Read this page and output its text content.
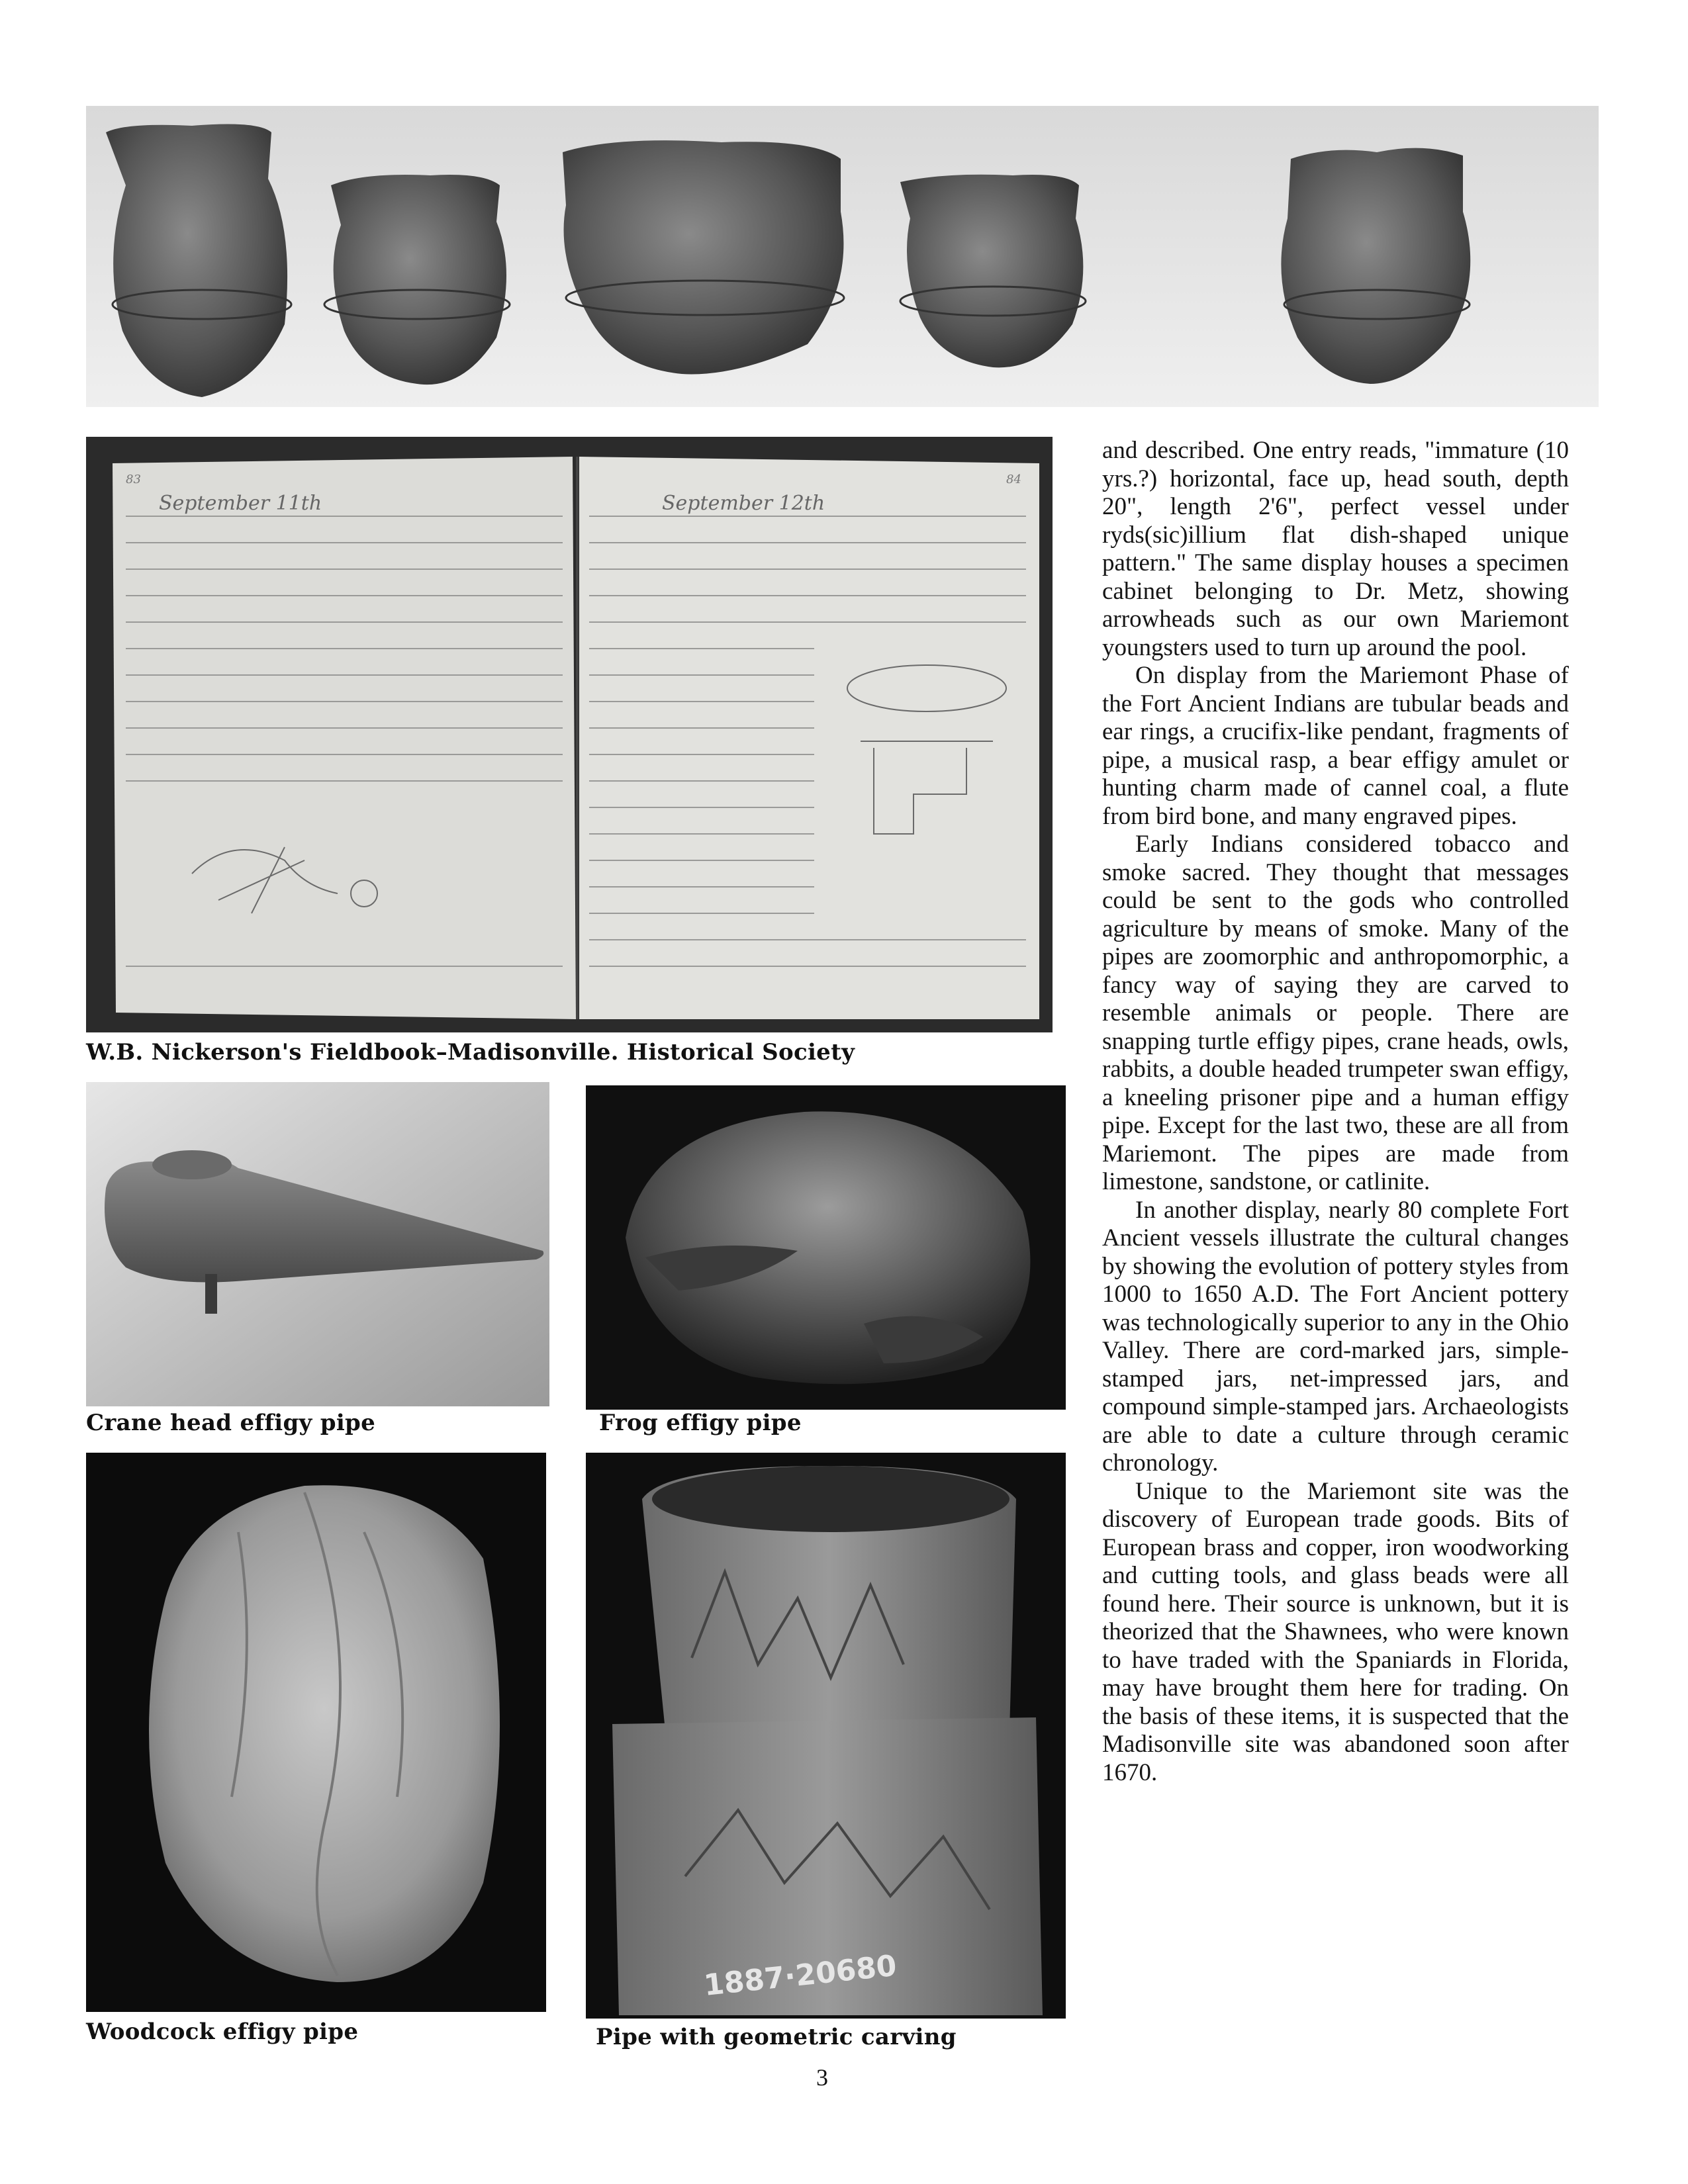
83	84
September 11th	September 12th
W.B. Nickerson's Fieldbook–Madisonville. Historical Society
Crane head effigy pipe	Frog effigy pipe
Woodcock effigy pipe
1887·20680
Pipe with geometric carving

and described. One entry reads, "immature (10 yrs.?) horizontal, face up, head south, depth 20", length 2'6", perfect vessel under ryds(sic)illium flat dish-shaped unique pattern." The same display houses a specimen cabinet belonging to Dr. Metz, showing arrowheads such as our own Mariemont youngsters used to turn up around the pool.

On display from the Mariemont Phase of the Fort Ancient Indians are tubular beads and ear rings, a crucifix-like pendant, fragments of pipe, a musical rasp, a bear effigy amulet or hunting charm made of cannel coal, a flute from bird bone, and many engraved pipes.

Early Indians considered tobacco and smoke sacred. They thought that messages could be sent to the gods who controlled agriculture by means of smoke. Many of the pipes are zoomorphic and anthropomorphic, a fancy way of saying they are carved to resemble animals or people. There are snapping turtle effigy pipes, crane heads, owls, rabbits, a double headed trumpeter swan effigy, a kneeling prisoner pipe and a human effigy pipe. Except for the last two, these are all from Mariemont. The pipes are made from limestone, sandstone, or catlinite.

In another display, nearly 80 complete Fort Ancient vessels illustrate the cultural changes by showing the evolution of pottery styles from 1000 to 1650 A.D. The Fort Ancient pottery was technologically superior to any in the Ohio Valley. There are cord-marked jars, simple-stamped jars, net-impressed jars, and compound simple-stamped jars. Archaeologists are able to date a culture through ceramic chronology.

Unique to the Mariemont site was the discovery of European trade goods. Bits of European brass and copper, iron woodworking and cutting tools, and glass beads were all found here. Their source is unknown, but it is theorized that the Shawnees, who were known to have traded with the Spaniards in Florida, may have brought them here for trading. On the basis of these items, it is suspected that the Madisonville site was abandoned soon after 1670.

3
